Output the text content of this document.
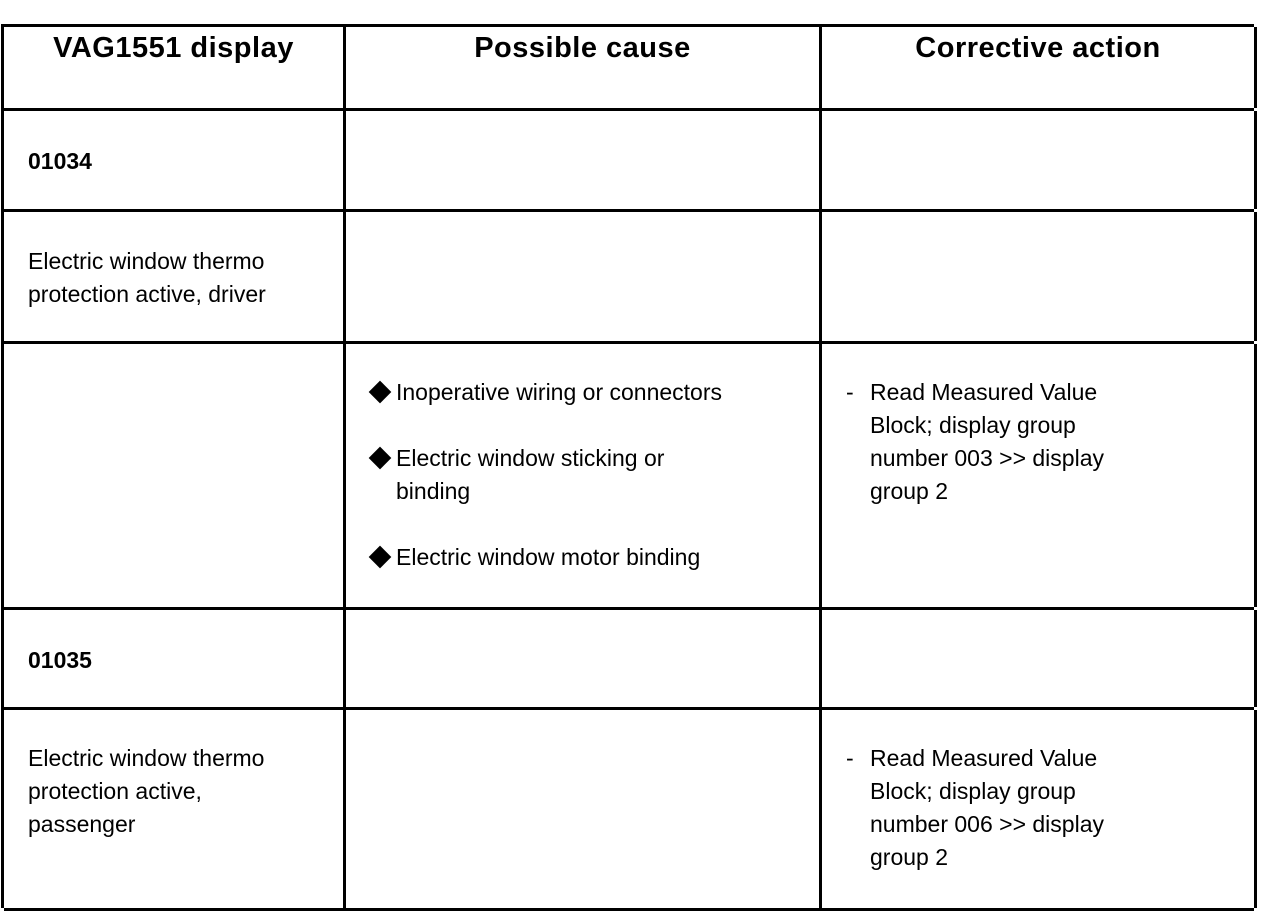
VAG1551 display	Possible cause	Corrective action
01034
Electric window thermo protection active, driver
Inoperative wiring or connectors
Electric window sticking or binding
Electric window motor binding
- Read Measured Value Block; display group number 003 >> display group 2
01035
Electric window thermo protection active, passenger
- Read Measured Value Block; display group number 006 >> display group 2
